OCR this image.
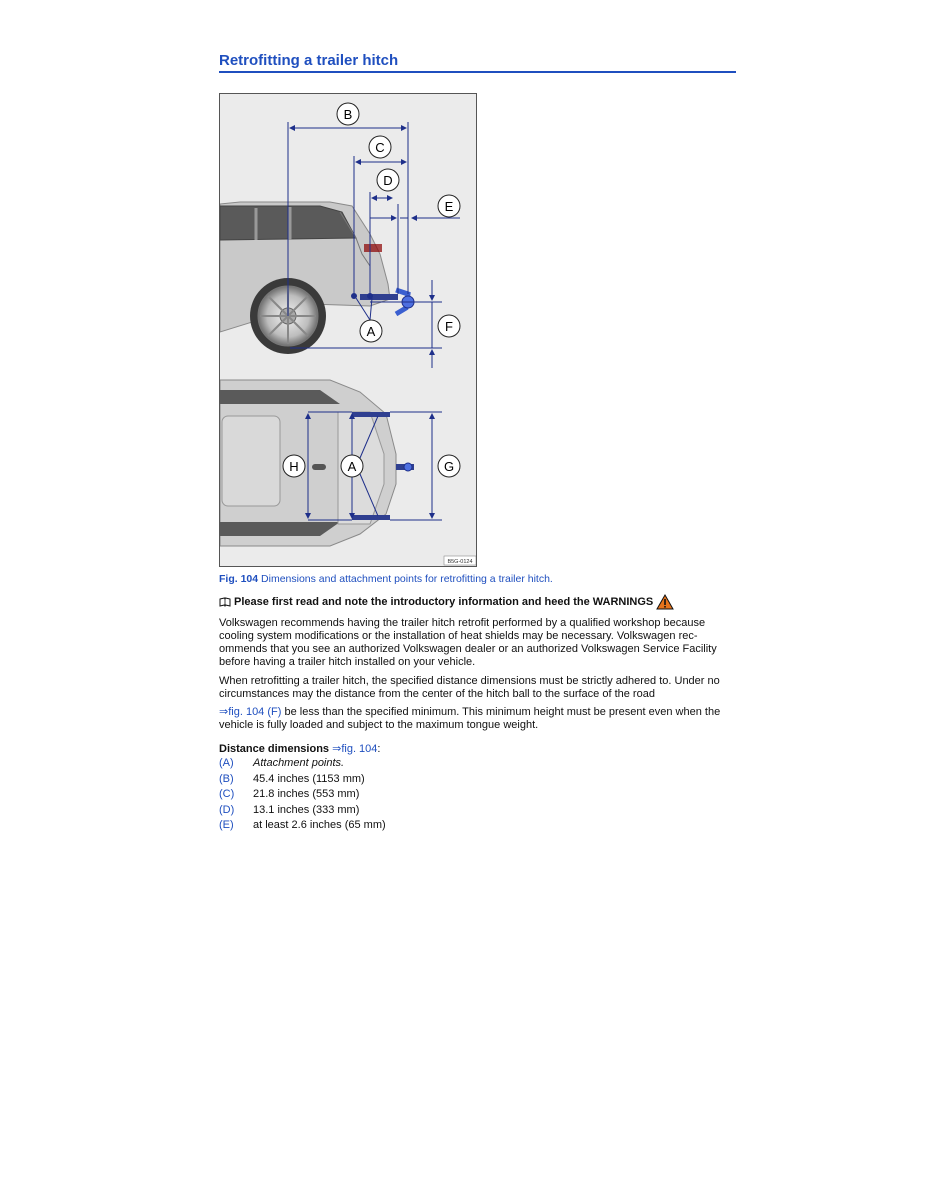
Retrofitting a trailer hitch
B
C
D
E
A	F
H	A	G
B5G-0124
Fig. 104 Dimensions and attachment points for retrofitting a trailer hitch.
Please first read and note the introductory information and heed the WARNINGS
Volkswagen recommends having the trailer hitch retrofit performed by a qualified workshop because cooling system modifications or the installation of heat shields may be necessary. Volkswagen rec-ommends that you see an authorized Volkswagen dealer or an authorized Volkswagen Service Facility before having a trailer hitch installed on your vehicle.
When retrofitting a trailer hitch, the specified distance dimensions must be strictly adhered to. Under no circumstances may the distance from the center of the hitch ball to the surface of the road
⇒fig. 104 (F) be less than the specified minimum. This minimum height must be present even when the vehicle is fully loaded and subject to the maximum tongue weight.
Distance dimensions ⇒fig. 104:
(A)	Attachment points.
(B)	45.4 inches (1153 mm)
(C)	21.8 inches (553 mm)
(D)	13.1 inches (333 mm)
(E)	at least 2.6 inches (65 mm)
